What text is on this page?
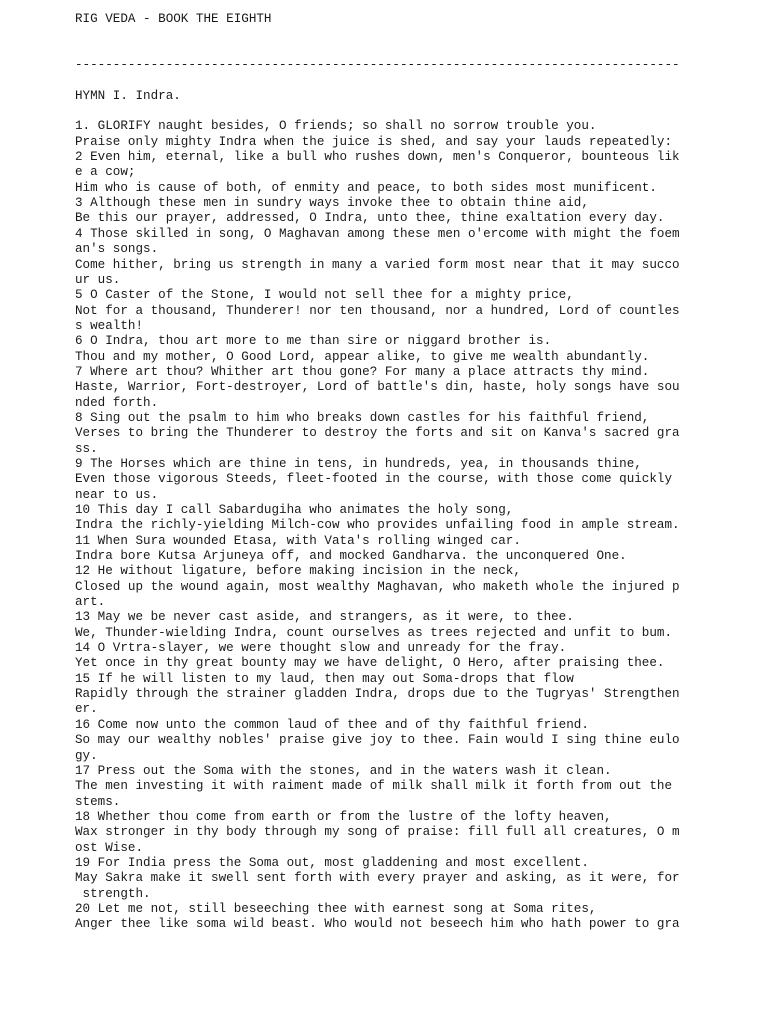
RIG VEDA - BOOK THE EIGHTH
--------------------------------------------------------------------------------
HYMN I. Indra.
1. GLORIFY naught besides, O friends; so shall no sorrow trouble you.
Praise only mighty Indra when the juice is shed, and say your lauds repeatedly:
2 Even him, eternal, like a bull who rushes down, men's Conqueror, bounteous lik
e a cow;
Him who is cause of both, of enmity and peace, to both sides most munificent.
3 Although these men in sundry ways invoke thee to obtain thine aid,
Be this our prayer, addressed, O Indra, unto thee, thine exaltation every day.
4 Those skilled in song, O Maghavan among these men o'ercome with might the foem
an's songs.
Come hither, bring us strength in many a varied form most near that it may succo
ur us.
5 O Caster of the Stone, I would not sell thee for a mighty price,
Not for a thousand, Thunderer! nor ten thousand, nor a hundred, Lord of countles
s wealth!
6 O Indra, thou art more to me than sire or niggard brother is.
Thou and my mother, O Good Lord, appear alike, to give me wealth abundantly.
7 Where art thou? Whither art thou gone? For many a place attracts thy mind.
Haste, Warrior, Fort-destroyer, Lord of battle's din, haste, holy songs have sou
nded forth.
8 Sing out the psalm to him who breaks down castles for his faithful friend,
Verses to bring the Thunderer to destroy the forts and sit on Kanva's sacred gra
ss.
9 The Horses which are thine in tens, in hundreds, yea, in thousands thine,
Even those vigorous Steeds, fleet-footed in the course, with those come quickly
near to us.
10 This day I call Sabardugiha who animates the holy song,
Indra the richly-yielding Milch-cow who provides unfailing food in ample stream.
11 When Sura wounded Etasa, with Vata's rolling winged car.
Indra bore Kutsa Arjuneya off, and mocked Gandharva. the unconquered One.
12 He without ligature, before making incision in the neck,
Closed up the wound again, most wealthy Maghavan, who maketh whole the injured p
art.
13 May we be never cast aside, and strangers, as it were, to thee.
We, Thunder-wielding Indra, count ourselves as trees rejected and unfit to bum.
14 O Vrtra-slayer, we were thought slow and unready for the fray.
Yet once in thy great bounty may we have delight, O Hero, after praising thee.
15 If he will listen to my laud, then may out Soma-drops that flow
Rapidly through the strainer gladden Indra, drops due to the Tugryas' Strengthen
er.
16 Come now unto the common laud of thee and of thy faithful friend.
So may our wealthy nobles' praise give joy to thee. Fain would I sing thine eulo
gy.
17 Press out the Soma with the stones, and in the waters wash it clean.
The men investing it with raiment made of milk shall milk it forth from out the
stems.
18 Whether thou come from earth or from the lustre of the lofty heaven,
Wax stronger in thy body through my song of praise: fill full all creatures, O m
ost Wise.
19 For India press the Soma out, most gladdening and most excellent.
May Sakra make it swell sent forth with every prayer and asking, as it were, for
strength.
20 Let me not, still beseeching thee with earnest song at Soma rites,
Anger thee like soma wild beast. Who would not beseech him who hath power to gra
